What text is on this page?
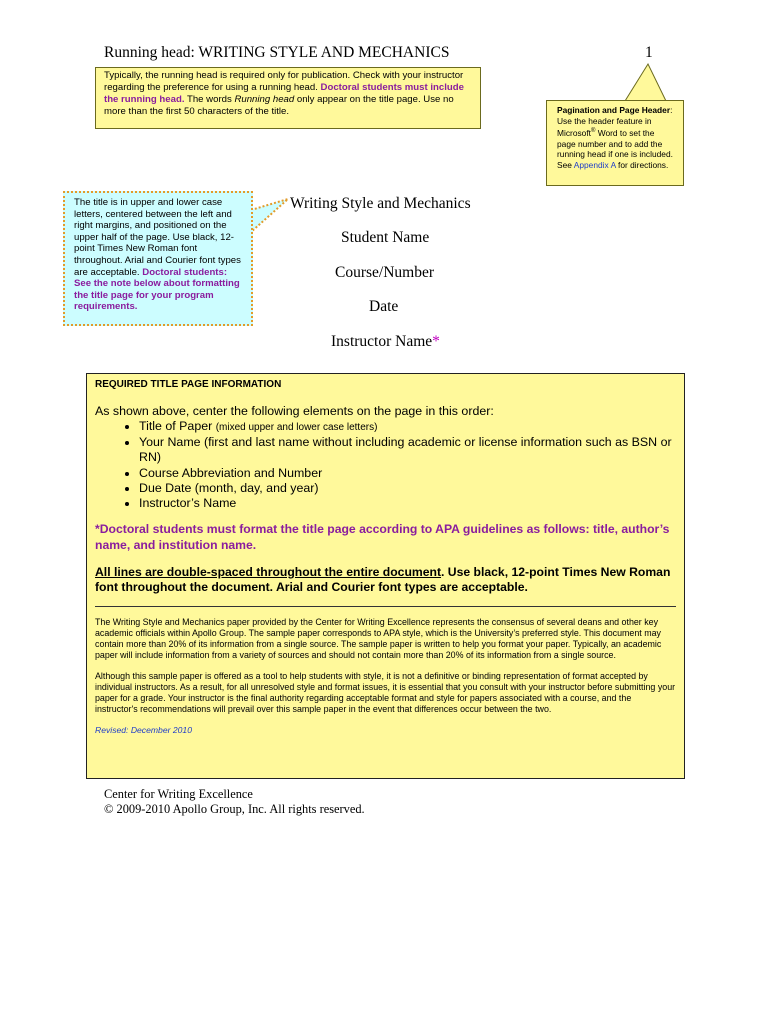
Running head: WRITING STYLE AND MECHANICS	1
Typically, the running head is required only for publication. Check with your instructor regarding the preference for using a running head. Doctoral students must include the running head. The words Running head only appear on the title page. Use no more than the first 50 characters of the title.	Pagination and Page Header: Use the header feature in Microsoft® Word to set the page number and to add the running head if one is included. See Appendix A for directions.
The title is in upper and lower case letters, centered between the left and right margins, and positioned on the upper half of the page. Use black, 12-point Times New Roman font throughout. Arial and Courier font types are acceptable. Doctoral students: See the note below about formatting the title page for your program requirements.
Writing Style and Mechanics
Student Name
Course/Number
Date
Instructor Name*
REQUIRED TITLE PAGE INFORMATION
As shown above, center the following elements on the page in this order:
• Title of Paper (mixed upper and lower case letters)
• Your Name (first and last name without including academic or license information such as BSN or RN)
• Course Abbreviation and Number
• Due Date (month, day, and year)
• Instructor’s Name
*Doctoral students must format the title page according to APA guidelines as follows: title, author’s name, and institution name.
All lines are double-spaced throughout the entire document. Use black, 12-point Times New Roman font throughout the document. Arial and Courier font types are acceptable.
The Writing Style and Mechanics paper provided by the Center for Writing Excellence represents the consensus of several deans and other key academic officials within Apollo Group. The sample paper corresponds to APA style, which is the University’s preferred style. This document may contain more than 20% of its information from a single source. The sample paper is written to help you format your paper. Typically, an academic paper will include information from a variety of sources and should not contain more than 20% of its information from a single source.
Although this sample paper is offered as a tool to help students with style, it is not a definitive or binding representation of format accepted by individual instructors. As a result, for all unresolved style and format issues, it is essential that you consult with your instructor before submitting your paper for a grade. Your instructor is the final authority regarding acceptable format and style for papers associated with a course, and the instructor's recommendations will prevail over this sample paper in the event that differences occur between the two.
Revised: December 2010
Center for Writing Excellence
© 2009-2010 Apollo Group, Inc. All rights reserved.
